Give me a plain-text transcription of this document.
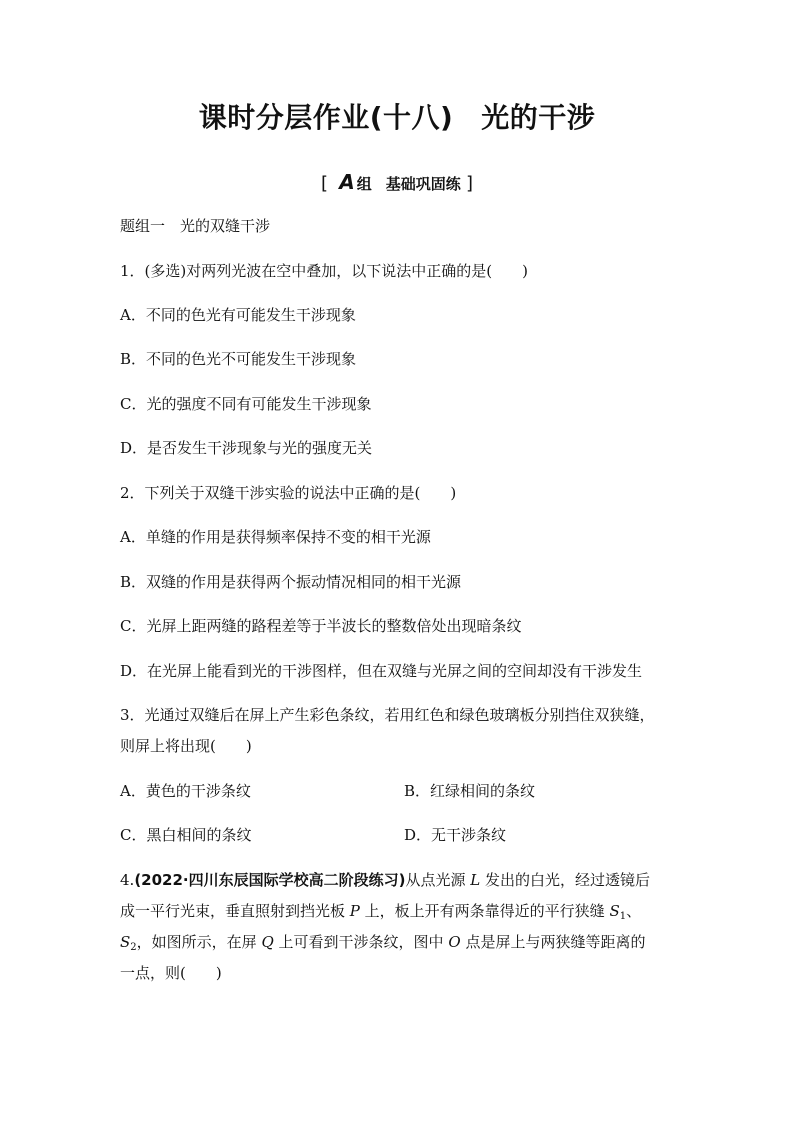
课时分层作业(十八) 光的干涉
[ A 组 基础巩固练 ]
题组一　光的双缝干涉
1．(多选)对两列光波在空中叠加，以下说法中正确的是(　　)
A．不同的色光有可能发生干涉现象
B．不同的色光不可能发生干涉现象
C．光的强度不同有可能发生干涉现象
D．是否发生干涉现象与光的强度无关
2．下列关于双缝干涉实验的说法中正确的是(　　)
A．单缝的作用是获得频率保持不变的相干光源
B．双缝的作用是获得两个振动情况相同的相干光源
C．光屏上距两缝的路程差等于半波长的整数倍处出现暗条纹
D．在光屏上能看到光的干涉图样，但在双缝与光屏之间的空间却没有干涉发生
3．光通过双缝后在屏上产生彩色条纹，若用红色和绿色玻璃板分别挡住双狭缝，
则屏上将出现(　　)
A．黄色的干涉条纹	B．红绿相间的条纹
C．黑白相间的条纹	D．无干涉条纹
4.(2022·四川东辰国际学校高二阶段练习)从点光源 L 发出的白光，经过透镜后
成一平行光束，垂直照射到挡光板 P 上，板上开有两条靠得近的平行狭缝 $S_1$、
$S_2$，如图所示，在屏 Q 上可看到干涉条纹，图中 O 点是屏上与两狭缝等距离的
一点，则(　　)
